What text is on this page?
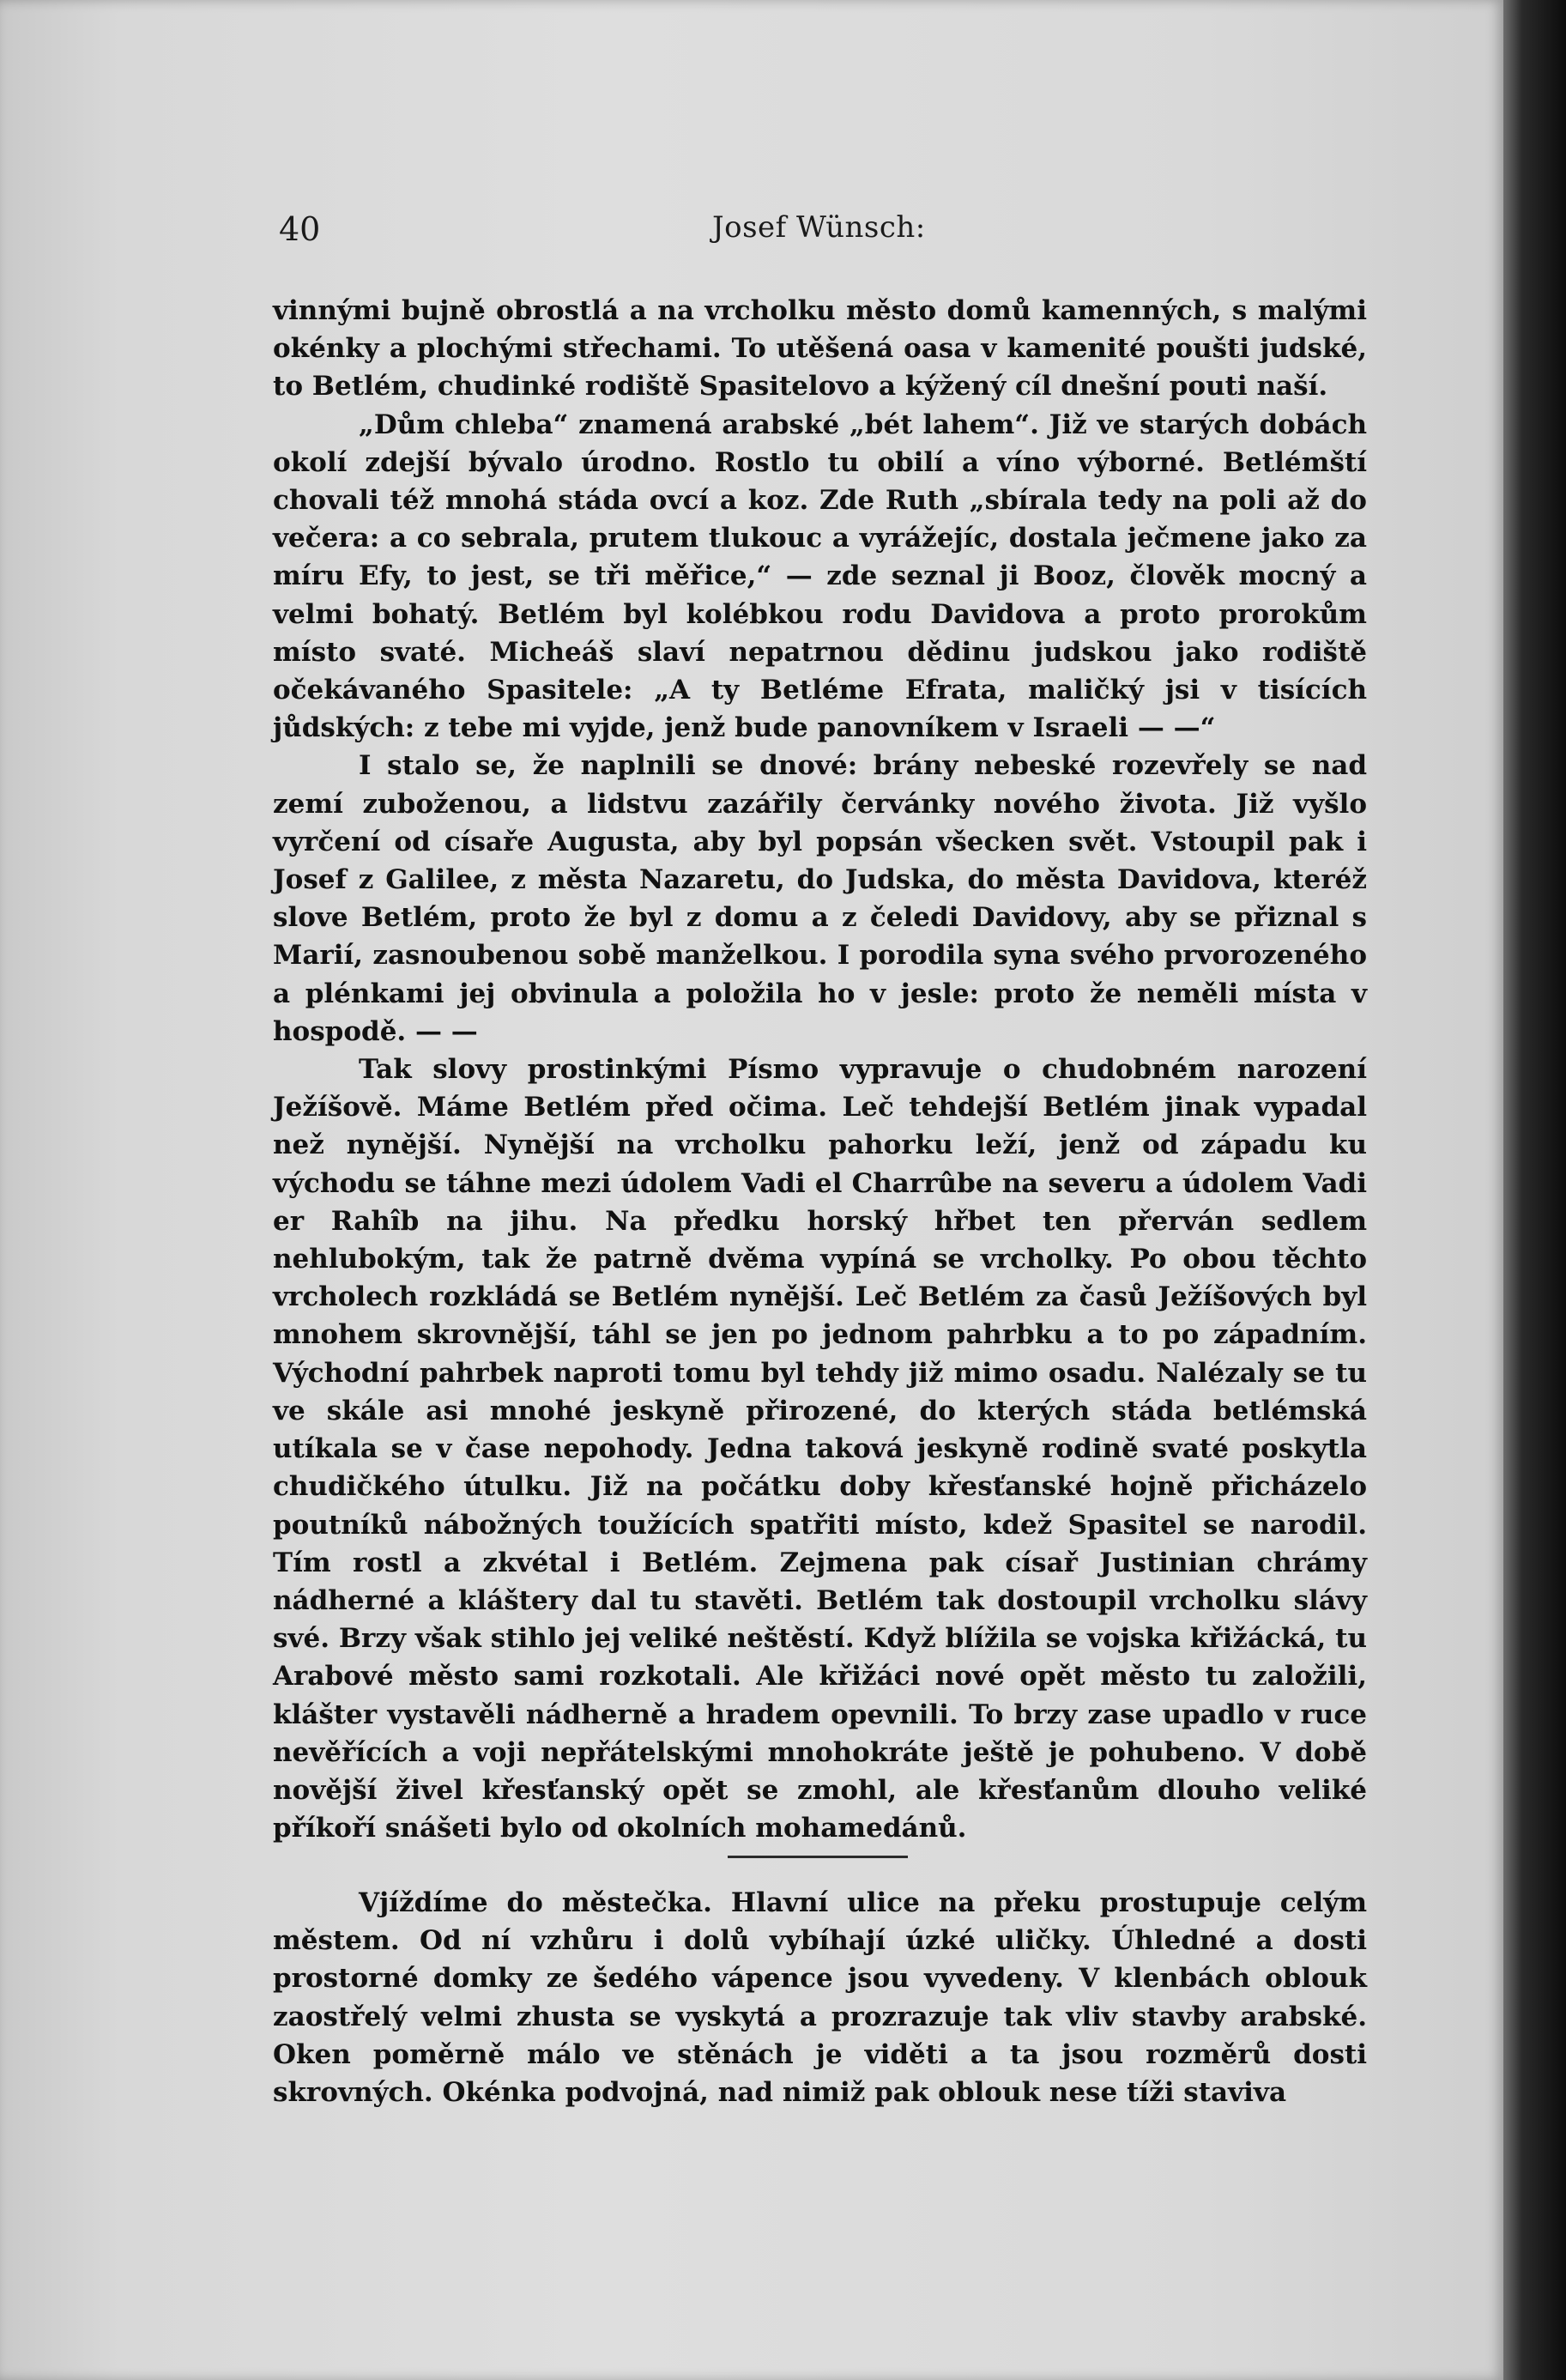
40	Josef Wünsch:

vinnými bujně obrostlá a na vrcholku město domů kamenných, s malými okénky a plochými střechami. To utěšená oasa v kamenité poušti judské, to Betlém, chudinké rodiště Spasitelovo a kýžený cíl dnešní pouti naší.

„Dům chleba“ znamená arabské „bét lahem“. Již ve starých dobách okolí zdejší bývalo úrodno. Rostlo tu obilí a víno výborné. Betlémští chovali též mnohá stáda ovcí a koz. Zde Ruth „sbírala tedy na poli až do večera: a co sebrala, prutem tlukouc a vyrážejíc, dostala ječmene jako za míru Efy, to jest, se tři měřice,“ — zde seznal ji Booz, člověk mocný a velmi bohatý. Betlém byl kolébkou rodu Davidova a proto prorokům místo svaté. Micheáš slaví nepatrnou dědinu judskou jako rodiště očekávaného Spasitele: „A ty Betléme Efrata, maličký jsi v tisících jůdských: z tebe mi vyjde, jenž bude panovníkem v Israeli — —“

I stalo se, že naplnili se dnové: brány nebeské rozevřely se nad zemí zuboženou, a lidstvu zazářily červánky nového života. Již vyšlo vyrčení od císaře Augusta, aby byl popsán všecken svět. Vstoupil pak i Josef z Galilee, z města Nazaretu, do Judska, do města Davidova, kteréž slove Betlém, proto že byl z domu a z čeledi Davidovy, aby se přiznal s Marií, zasnoubenou sobě manželkou. I porodila syna svého prvorozeného a plénkami jej obvinula a položila ho v jesle: proto že neměli místa v hospodě. — —

Tak slovy prostinkými Písmo vypravuje o chudobném narození Ježíšově. Máme Betlém před očima. Leč tehdejší Betlém jinak vypadal než nynější. Nynější na vrcholku pahorku leží, jenž od západu ku východu se táhne mezi údolem Vadi el Charrûbe na severu a údolem Vadi er Rahîb na jihu. Na předku horský hřbet ten přerván sedlem nehlubokým, tak že patrně dvěma vypíná se vrcholky. Po obou těchto vrcholech rozkládá se Betlém nynější. Leč Betlém za časů Ježíšových byl mnohem skrovnější, táhl se jen po jednom pahrbku a to po západním. Východní pahrbek naproti tomu byl tehdy již mimo osadu. Nalézaly se tu ve skále asi mnohé jeskyně přirozené, do kterých stáda betlémská utíkala se v čase nepohody. Jedna taková jeskyně rodině svaté poskytla chudičkého útulku. Již na počátku doby křesťanské hojně přicházelo poutníků nábožných toužících spatřiti místo, kdež Spasitel se narodil. Tím rostl a zkvétal i Betlém. Zejmena pak císař Justinian chrámy nádherné a kláštery dal tu stavěti. Betlém tak dostoupil vrcholku slávy své. Brzy však stihlo jej veliké neštěstí. Když blížila se vojska křižácká, tu Arabové město sami rozkotali. Ale křižáci nové opět město tu založili, klášter vystavěli nádherně a hradem opevnili. To brzy zase upadlo v ruce nevěřících a voji nepřátelskými mnohokráte ještě je pohubeno. V době novější živel křesťanský opět se zmohl, ale křesťanům dlouho veliké příkoří snášeti bylo od okolních mohamedánů.

Vjíždíme do městečka. Hlavní ulice na překu prostupuje celým městem. Od ní vzhůru i dolů vybíhají úzké uličky. Úhledné a dosti prostorné domky ze šedého vápence jsou vyvedeny. V klenbách oblouk zaostřelý velmi zhusta se vyskytá a prozrazuje tak vliv stavby arabské. Oken poměrně málo ve stěnách je viděti a ta jsou rozměrů dosti skrovných. Okénka podvojná, nad nimiž pak oblouk nese tíži staviva
